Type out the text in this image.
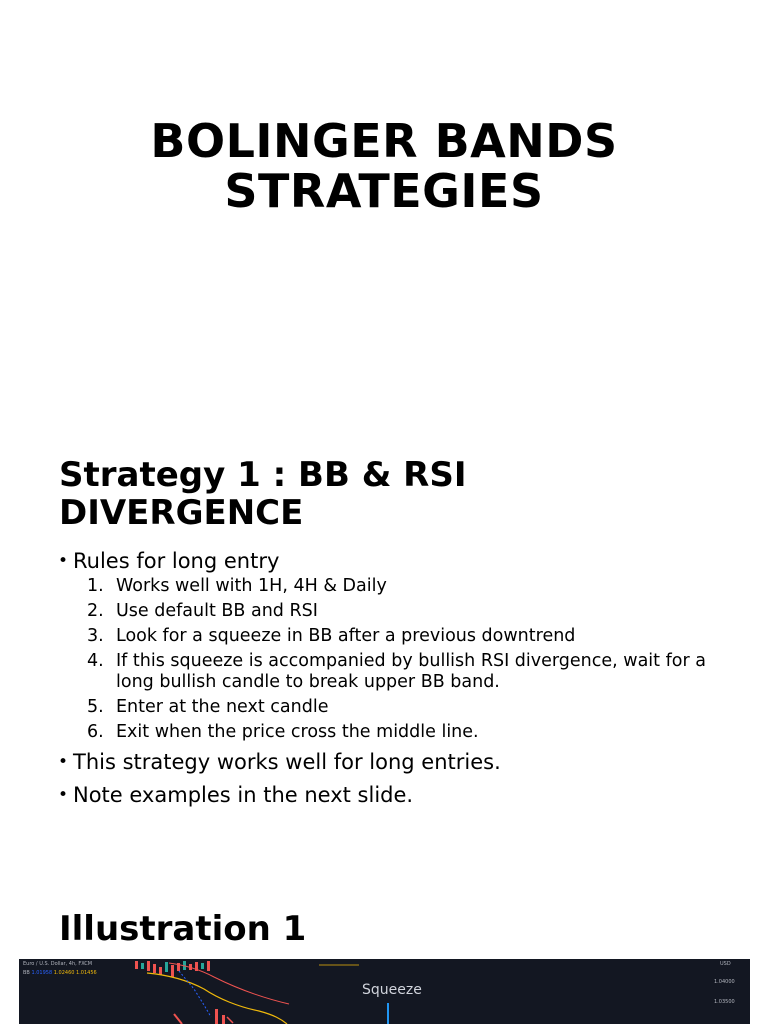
BOLINGER BANDS
STRATEGIES
Strategy 1 : BB & RSI
DIVERGENCE
• Rules for long entry
1. Works well with 1H, 4H & Daily
2. Use default BB and RSI
3. Look for a squeeze in BB after a previous downtrend
4. If this squeeze is accompanied by bullish RSI divergence, wait for a long bullish candle to break upper BB band.
5. Enter at the next candle
6. Exit when the price cross the middle line.
• This strategy works well for long entries.
• Note examples in the next slide.
Illustration 1
Euro / U.S. Dollar, 4h, FXCM
BB 1.01958 1.02460 1.01456
Squeeze
USD
1.04000
1.03500
